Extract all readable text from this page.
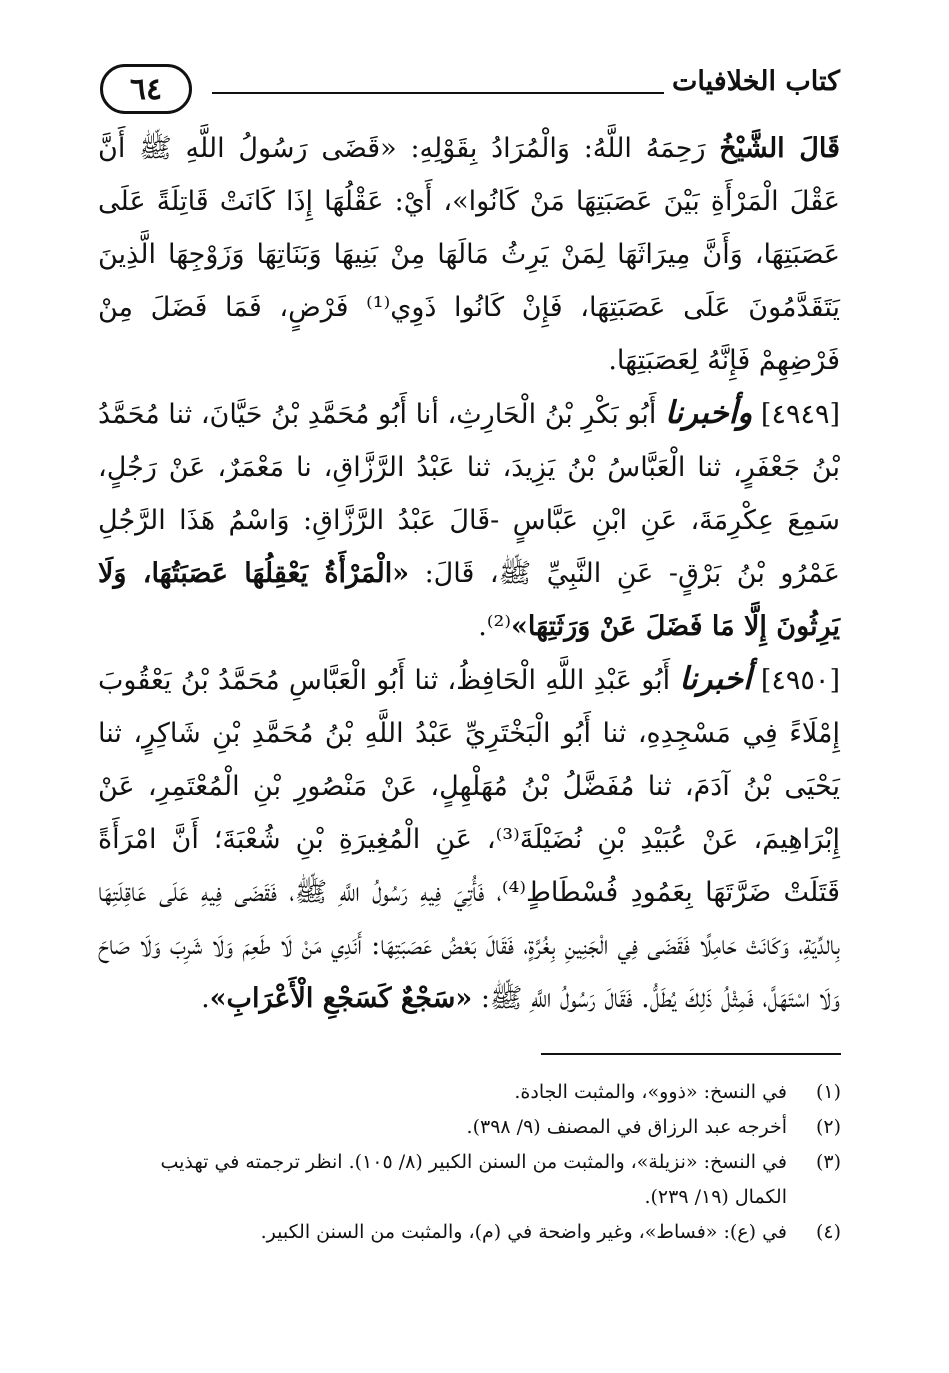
٦٤	كتاب الخلافيات

قَالَ الشَّيْخُ رَحِمَهُ اللَّهُ: وَالْمُرَادُ بِقَوْلِهِ: «قَضَى رَسُولُ اللَّهِ ﷺ أَنَّ عَقْلَ الْمَرْأَةِ بَيْنَ عَصَبَتِهَا مَنْ كَانُوا»، أَيْ: عَقْلُهَا إِذَا كَانَتْ قَاتِلَةً عَلَى عَصَبَتِهَا، وَأَنَّ مِيرَاثَهَا لِمَنْ يَرِثُ مَالَهَا مِنْ بَنِيهَا وَبَنَاتِهَا وَزَوْجِهَا الَّذِينَ يَتَقَدَّمُونَ عَلَى عَصَبَتِهَا، فَإِنْ كَانُوا ذَوِي⁽¹⁾ فَرْضٍ، فَمَا فَضَلَ مِنْ فَرْضِهِمْ فَإِنَّهُ لِعَصَبَتِهَا.

[٤٩٤٩] وأخبرنا أَبُو بَكْرِ بْنُ الْحَارِثِ، أنا أَبُو مُحَمَّدِ بْنُ حَيَّانَ، ثنا مُحَمَّدُ بْنُ جَعْفَرٍ، ثنا الْعَبَّاسُ بْنُ يَزِيدَ، ثنا عَبْدُ الرَّزَّاقِ، نا مَعْمَرٌ، عَنْ رَجُلٍ، سَمِعَ عِكْرِمَةَ، عَنِ ابْنِ عَبَّاسٍ -قَالَ عَبْدُ الرَّزَّاقِ: وَاسْمُ هَذَا الرَّجُلِ عَمْرُو بْنُ بَرْقٍ- عَنِ النَّبِيِّ ﷺ، قَالَ: «الْمَرْأَةُ يَعْقِلُهَا عَصَبَتُهَا، وَلَا يَرِثُونَ إِلَّا مَا فَضَلَ عَنْ وَرَثَتِهَا»⁽²⁾.

[٤٩٥٠] أخبرنا أَبُو عَبْدِ اللَّهِ الْحَافِظُ، ثنا أَبُو الْعَبَّاسِ مُحَمَّدُ بْنُ يَعْقُوبَ إِمْلَاءً فِي مَسْجِدِهِ، ثنا أَبُو الْبَخْتَرِيِّ عَبْدُ اللَّهِ بْنُ مُحَمَّدِ بْنِ شَاكِرٍ، ثنا يَحْيَى بْنُ آدَمَ، ثنا مُفَضَّلُ بْنُ مُهَلْهِلٍ، عَنْ مَنْصُورِ بْنِ الْمُعْتَمِرِ، عَنْ إِبْرَاهِيمَ، عَنْ عُبَيْدِ بْنِ نُضَيْلَةَ⁽³⁾، عَنِ الْمُغِيرَةِ بْنِ شُعْبَةَ؛ أَنَّ امْرَأَةً قَتَلَتْ ضَرَّتَهَا بِعَمُودِ فُسْطَاطٍ⁽⁴⁾، فَأُتِيَ فِيهِ رَسُولُ اللَّهِ ﷺ، فَقَضَى فِيهِ عَلَى عَاقِلَتِهَا بِالدِّيَةِ، وَكَانَتْ حَامِلًا فَقَضَى فِي الْجَنِينِ بِغُرَّةٍ، فَقَالَ بَعْضُ عَصَبَتِهَا: أَنَدِي مَنْ لَا طَعِمَ وَلَا شَرِبَ وَلَا صَاحَ وَلَا اسْتَهَلَّ، فَمِثْلُ ذَلِكَ يُطَلُّ. فَقَالَ رَسُولُ اللَّهِ ﷺ: «سَجْعٌ كَسَجْعِ الْأَعْرَابِ».

(١)
في النسخ: «ذوو»، والمثبت الجادة.
(٢)
أخرجه عبد الرزاق في المصنف (٩/ ٣٩٨).
(٣)
في النسخ: «نزيلة»، والمثبت من السنن الكبير (٨/ ١٠٥). انظر ترجمته في تهذيب الكمال (١٩/ ٢٣٩).
(٤)
في (ع): «فساط»، وغير واضحة في (م)، والمثبت من السنن الكبير.
